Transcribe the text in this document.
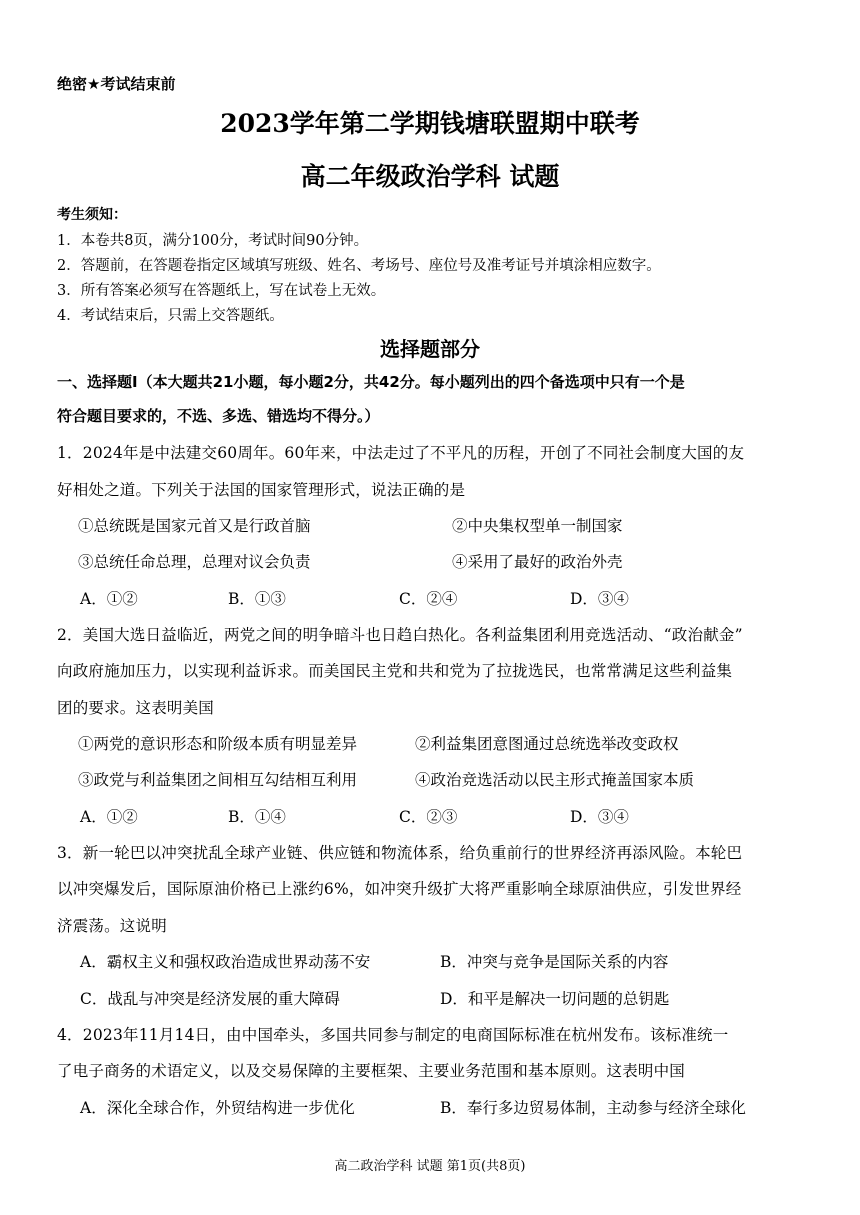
绝密★考试结束前
2023学年第二学期钱塘联盟期中联考
高二年级政治学科 试题
考生须知：
1．本卷共8页，满分100分，考试时间90分钟。
2．答题前，在答题卷指定区域填写班级、姓名、考场号、座位号及准考证号并填涂相应数字。
3．所有答案必须写在答题纸上，写在试卷上无效。
4．考试结束后，只需上交答题纸。
选择题部分
一、选择题Ⅰ（本大题共21小题，每小题2分，共42分。每小题列出的四个备选项中只有一个是
符合题目要求的，不选、多选、错选均不得分。）
1．2024年是中法建交60周年。60年来，中法走过了不平凡的历程，开创了不同社会制度大国的友
好相处之道。下列关于法国的国家管理形式，说法正确的是
①总统既是国家元首又是行政首脑	②中央集权型单一制国家
③总统任命总理，总理对议会负责	④采用了最好的政治外壳
A．①②	B．①③	C．②④	D．③④
2．美国大选日益临近，两党之间的明争暗斗也日趋白热化。各利益集团利用竞选活动、“政治献金”
向政府施加压力，以实现利益诉求。而美国民主党和共和党为了拉拢选民，也常常满足这些利益集
团的要求。这表明美国
①两党的意识形态和阶级本质有明显差异	②利益集团意图通过总统选举改变政权
③政党与利益集团之间相互勾结相互利用	④政治竞选活动以民主形式掩盖国家本质
A．①②	B．①④	C．②③	D．③④
3．新一轮巴以冲突扰乱全球产业链、供应链和物流体系，给负重前行的世界经济再添风险。本轮巴
以冲突爆发后，国际原油价格已上涨约6%，如冲突升级扩大将严重影响全球原油供应，引发世界经
济震荡。这说明
A．霸权主义和强权政治造成世界动荡不安	B．冲突与竞争是国际关系的内容
C．战乱与冲突是经济发展的重大障碍	D．和平是解决一切问题的总钥匙
4．2023年11月14日，由中国牵头，多国共同参与制定的电商国际标准在杭州发布。该标准统一
了电子商务的术语定义，以及交易保障的主要框架、主要业务范围和基本原则。这表明中国
A．深化全球合作，外贸结构进一步优化	B．奉行多边贸易体制，主动参与经济全球化
高二政治学科 试题 第1页(共8页)
